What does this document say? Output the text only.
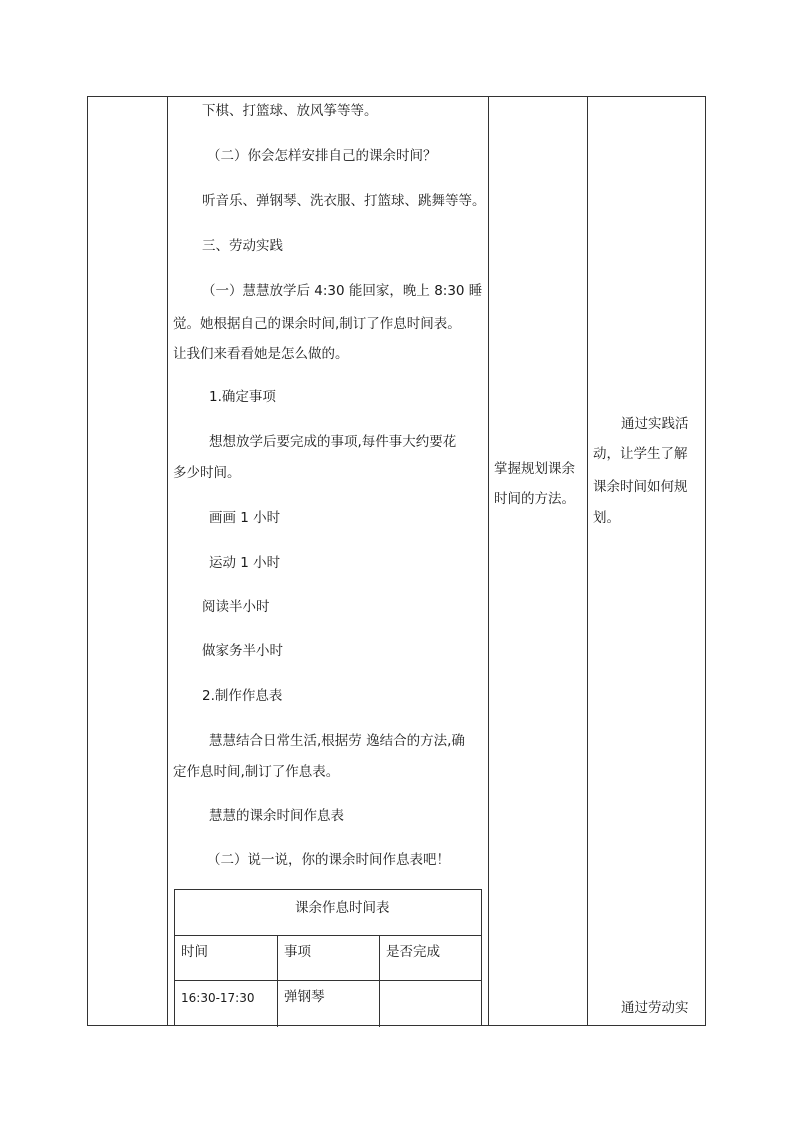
下棋、打篮球、放风筝等等。
（二）你会怎样安排自己的课余时间？
听音乐、弹钢琴、洗衣服、打篮球、跳舞等等。
三、劳动实践
（一）慧慧放学后 4:30 能回家，晚上 8:30 睡
觉。她根据自己的课余时间,制订了作息时间表。
让我们来看看她是怎么做的。
1.确定事项
想想放学后要完成的事项,每件事大约要花
多少时间。
画画 1 小时
运动 1 小时
阅读半小时
做家务半小时
2.制作作息表
慧慧结合日常生活,根据劳 逸结合的方法,确
定作息时间,制订了作息表。
慧慧的课余时间作息表
（二）说一说，你的课余时间作息表吧！
课余作息时间表
时间	事项	是否完成
16:30-17:30 弹钢琴
掌握规划课余
时间的方法。
通过实践活
动，让学生了解
课余时间如何规
划。
通过劳动实
